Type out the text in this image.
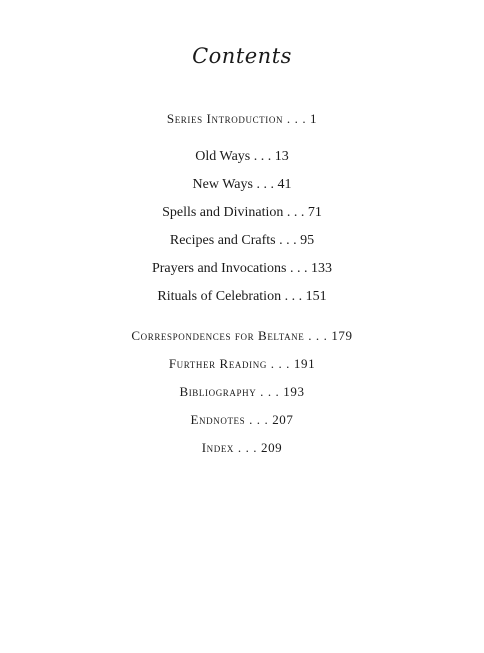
Contents
Series Introduction . . . 1
Old Ways . . . 13
New Ways . . . 41
Spells and Divination . . . 71
Recipes and Crafts . . . 95
Prayers and Invocations . . . 133
Rituals of Celebration . . . 151
Correspondences for Beltane . . . 179
Further Reading . . . 191
Bibliography . . . 193
Endnotes . . . 207
Index . . . 209
